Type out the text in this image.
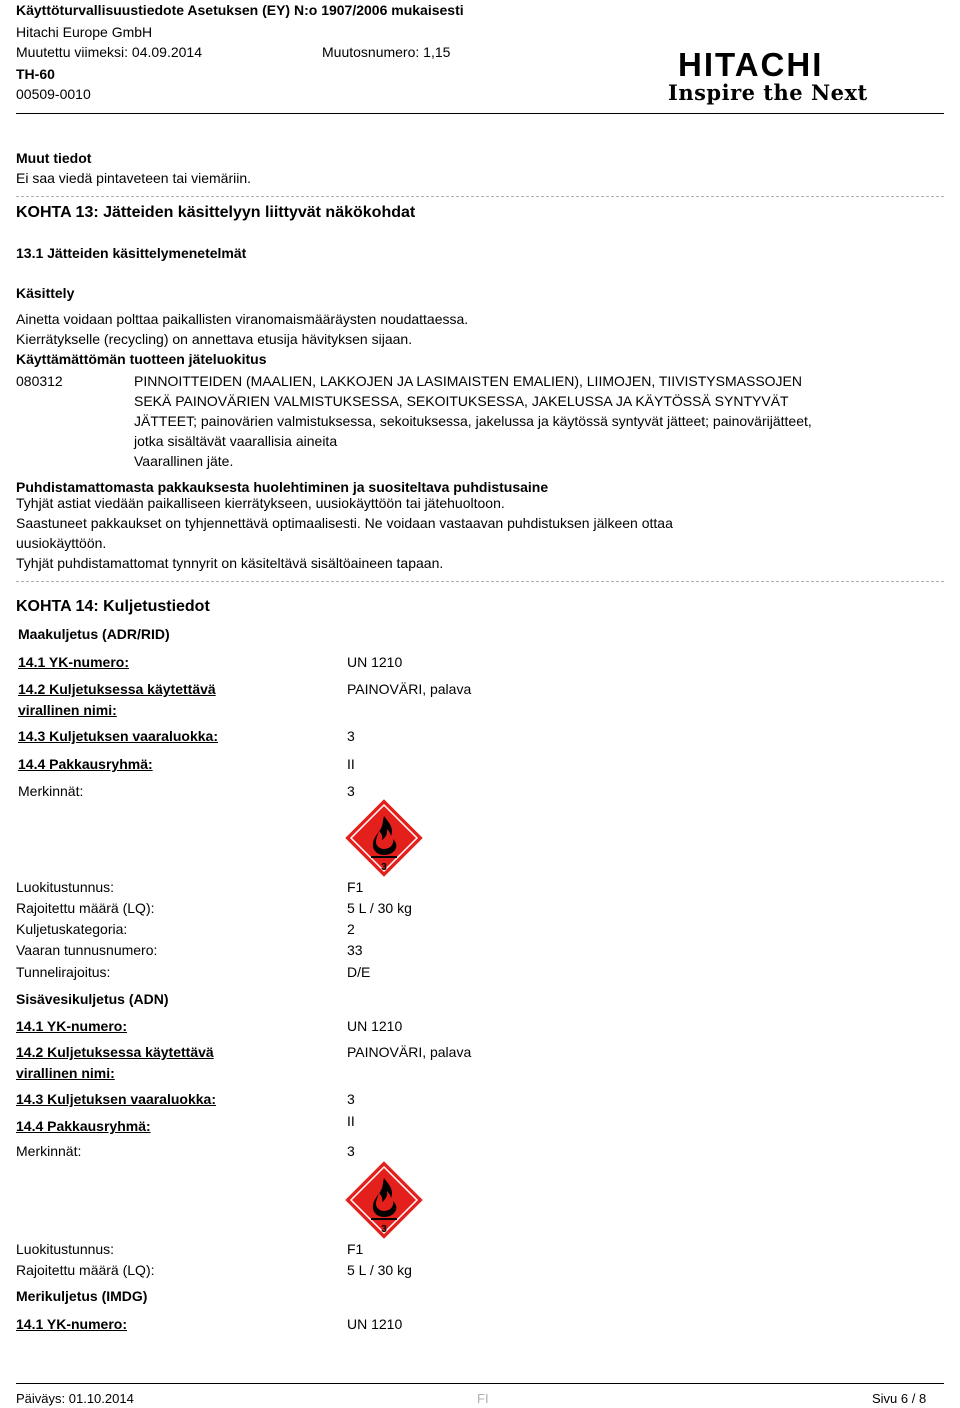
Käyttöturvallisuustiedote Asetuksen (EY) N:o 1907/2006 mukaisesti
Hitachi Europe GmbH
Muutettu viimeksi: 04.09.2014	Muutosnumero: 1,15
TH-60
00509-0010
HITACHI
Inspire the Next
Muut tiedot
Ei saa viedä pintaveteen tai viemäriin.
KOHTA 13: Jätteiden käsittelyyn liittyvät näkökohdat
13.1 Jätteiden käsittelymenetelmät
Käsittely
Ainetta voidaan polttaa paikallisten viranomaismääräysten noudattaessa.
Kierrätykselle (recycling) on annettava etusija hävityksen sijaan.
Käyttämättömän tuotteen jäteluokitus
080312	PINNOITTEIDEN (MAALIEN, LAKKOJEN JA LASIMAISTEN EMALIEN), LIIMOJEN, TIIVISTYSMASSOJEN
SEKÄ PAINOVÄRIEN VALMISTUKSESSA, SEKOITUKSESSA, JAKELUSSA JA KÄYTÖSSÄ SYNTYVÄT
JÄTTEET; painovärien valmistuksessa, sekoituksessa, jakelussa ja käytössä syntyvät jätteet; painovärijätteet,
jotka sisältävät vaarallisia aineita
Vaarallinen jäte.
Puhdistamattomasta pakkauksesta huolehtiminen ja suositeltava puhdistusaine
Tyhjät astiat viedään paikalliseen kierrätykseen, uusiokäyttöön tai jätehuoltoon.
Saastuneet pakkaukset on tyhjennettävä optimaalisesti. Ne voidaan vastaavan puhdistuksen jälkeen ottaa
uusiokäyttöön.
Tyhjät puhdistamattomat tynnyrit on käsiteltävä sisältöaineen tapaan.
KOHTA 14: Kuljetustiedot
Maakuljetus (ADR/RID)
14.1 YK-numero:	UN 1210
14.2 Kuljetuksessa käytettävä
virallinen nimi:
PAINOVÄRI, palava
14.3 Kuljetuksen vaaraluokka:	3
14.4 Pakkausryhmä:	II
Merkinnät:	3
3
Luokitustunnus:	F1
Rajoitettu määrä (LQ):	5 L / 30 kg
Kuljetuskategoria:	2
Vaaran tunnusnumero:	33
Tunnelirajoitus:	D/E
Sisävesikuljetus (ADN)
14.1 YK-numero:	UN 1210
14.2 Kuljetuksessa käytettävä
virallinen nimi:
PAINOVÄRI, palava
14.3 Kuljetuksen vaaraluokka:	3
14.4 Pakkausryhmä:	II
Merkinnät:	3
3
Luokitustunnus:	F1
Rajoitettu määrä (LQ):	5 L / 30 kg
Merikuljetus (IMDG)
14.1 YK-numero:	UN 1210
Päiväys: 01.10.2014	FI	Sivu 6 / 8
